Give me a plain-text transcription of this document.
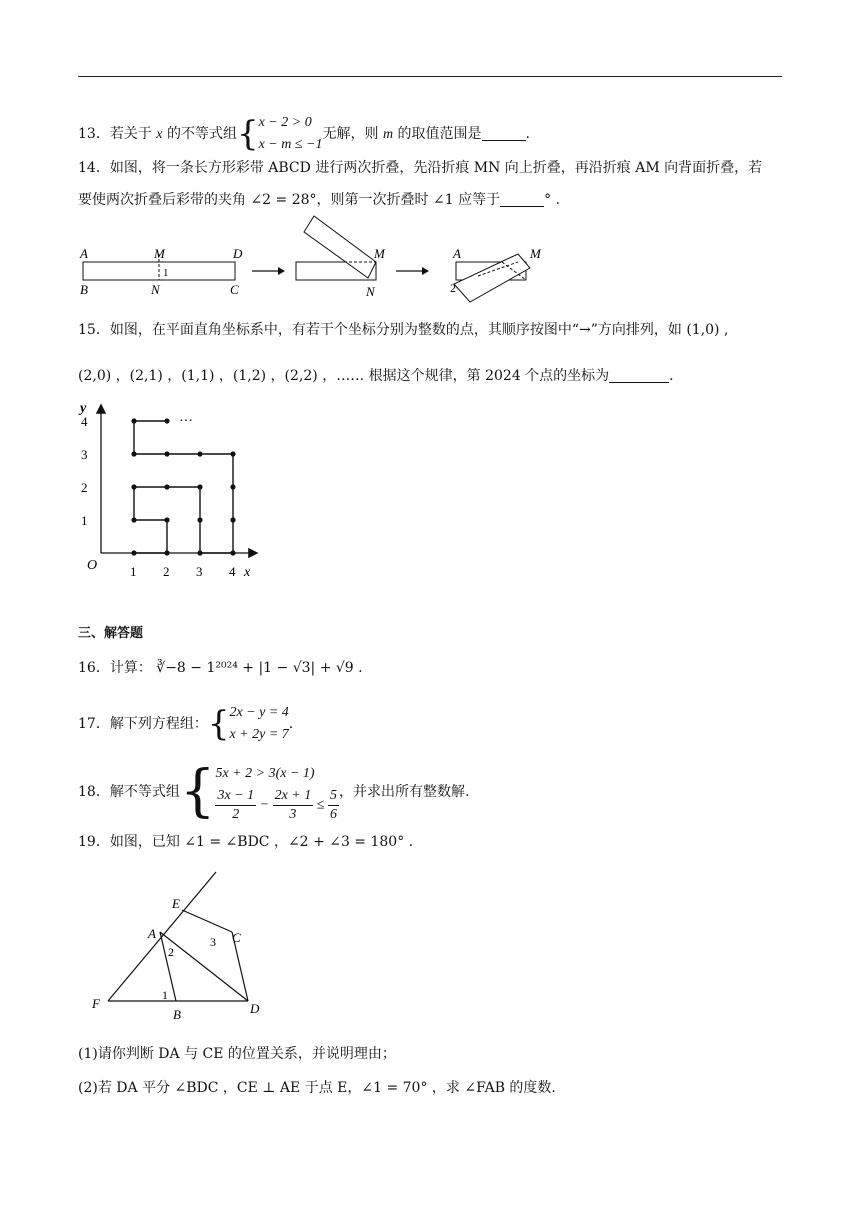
13．若关于 x 的不等式组{ x − 2 > 0
x − m ≤ −1
无解，则 m 的取值范围是	.
14．如图，将一条长方形彩带 ABCD 进行两次折叠，先沿折痕 MN 向上折叠，再沿折痕 AM 向背面折叠，若
要使两次折叠后彩带的夹角 ∠2 = 28°，则第一次折叠时 ∠1 应等于	° .
A	M	D
B	N	C
1
M
N
A	M
2
15．如图，在平面直角坐标系中，有若干个坐标分别为整数的点，其顺序按图中“→”方向排列，如 (1,0) ,
(2,0) ，(2,1) ，(1,1) ，(1,2) ，(2,2) ，…… 根据这个规律，第 2024 个点的坐标为	.
y
x
O
···
1 2 3 4
1
2
3
4
三、解答题
16．计算： ∛−8 − 1²⁰²⁴ + |1 − √3| + √9 .
17．解下列方程组：{ 2x − y = 4
x + 2y = 7
.
18．解不等式组{ 5x + 2 > 3(x − 1)
$\frac{3x - 1}{2} - \frac{2x + 1}{3} \le \frac{5}{6}$ ，并求出所有整数解.
19．如图，已知 ∠1 = ∠BDC ，∠2 + ∠3 = 180° .
E
A	C
F
B	D
1
2
3
(1)请你判断 DA 与 CE 的位置关系，并说明理由；
(2)若 DA 平分 ∠BDC ，CE ⊥ AE 于点 E，∠1 = 70° ，求 ∠FAB 的度数.
